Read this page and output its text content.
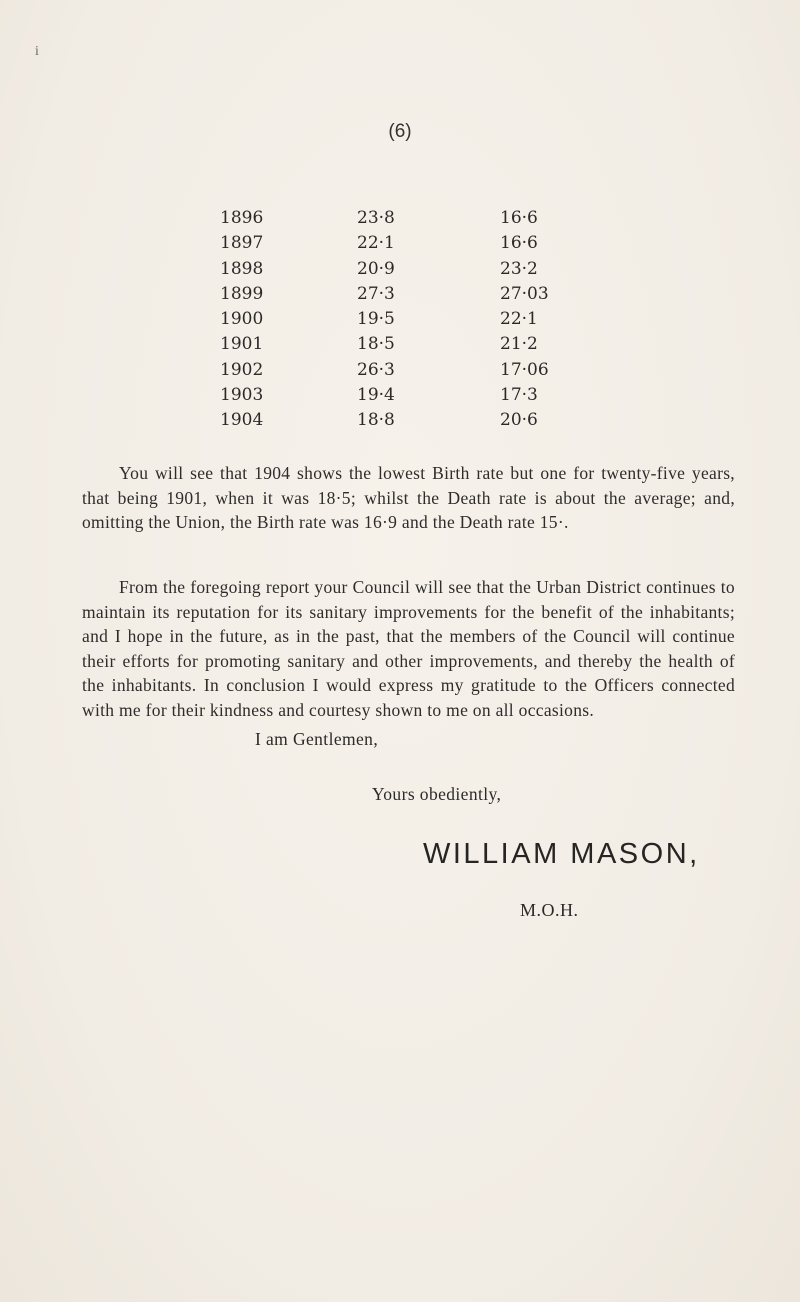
i
(6)
1896	23·8	16·6
1897	22·1	16·6
1898	20·9	23·2
1899	27·3	27·03
1900	19·5	22·1
1901	18·5	21·2
1902	26·3	17·06
1903	19·4	17·3
1904	18·8	20·6

You will see that 1904 shows the lowest Birth rate but one for twenty-five years, that being 1901, when it was 18·5; whilst the Death rate is about the average; and, omitting the Union, the Birth rate was 16·9 and the Death rate 15·.

From the foregoing report your Council will see that the Urban District continues to maintain its reputation for its sanitary improvements for the benefit of the inhabitants; and I hope in the future, as in the past, that the members of the Council will continue their efforts for promoting sanitary and other improvements, and thereby the health of the inhabitants. In conclusion I would express my gratitude to the Officers connected with me for their kindness and courtesy shown to me on all occasions.

I am Gentlemen,
Yours obediently,
WILLIAM MASON,
M.O.H.
